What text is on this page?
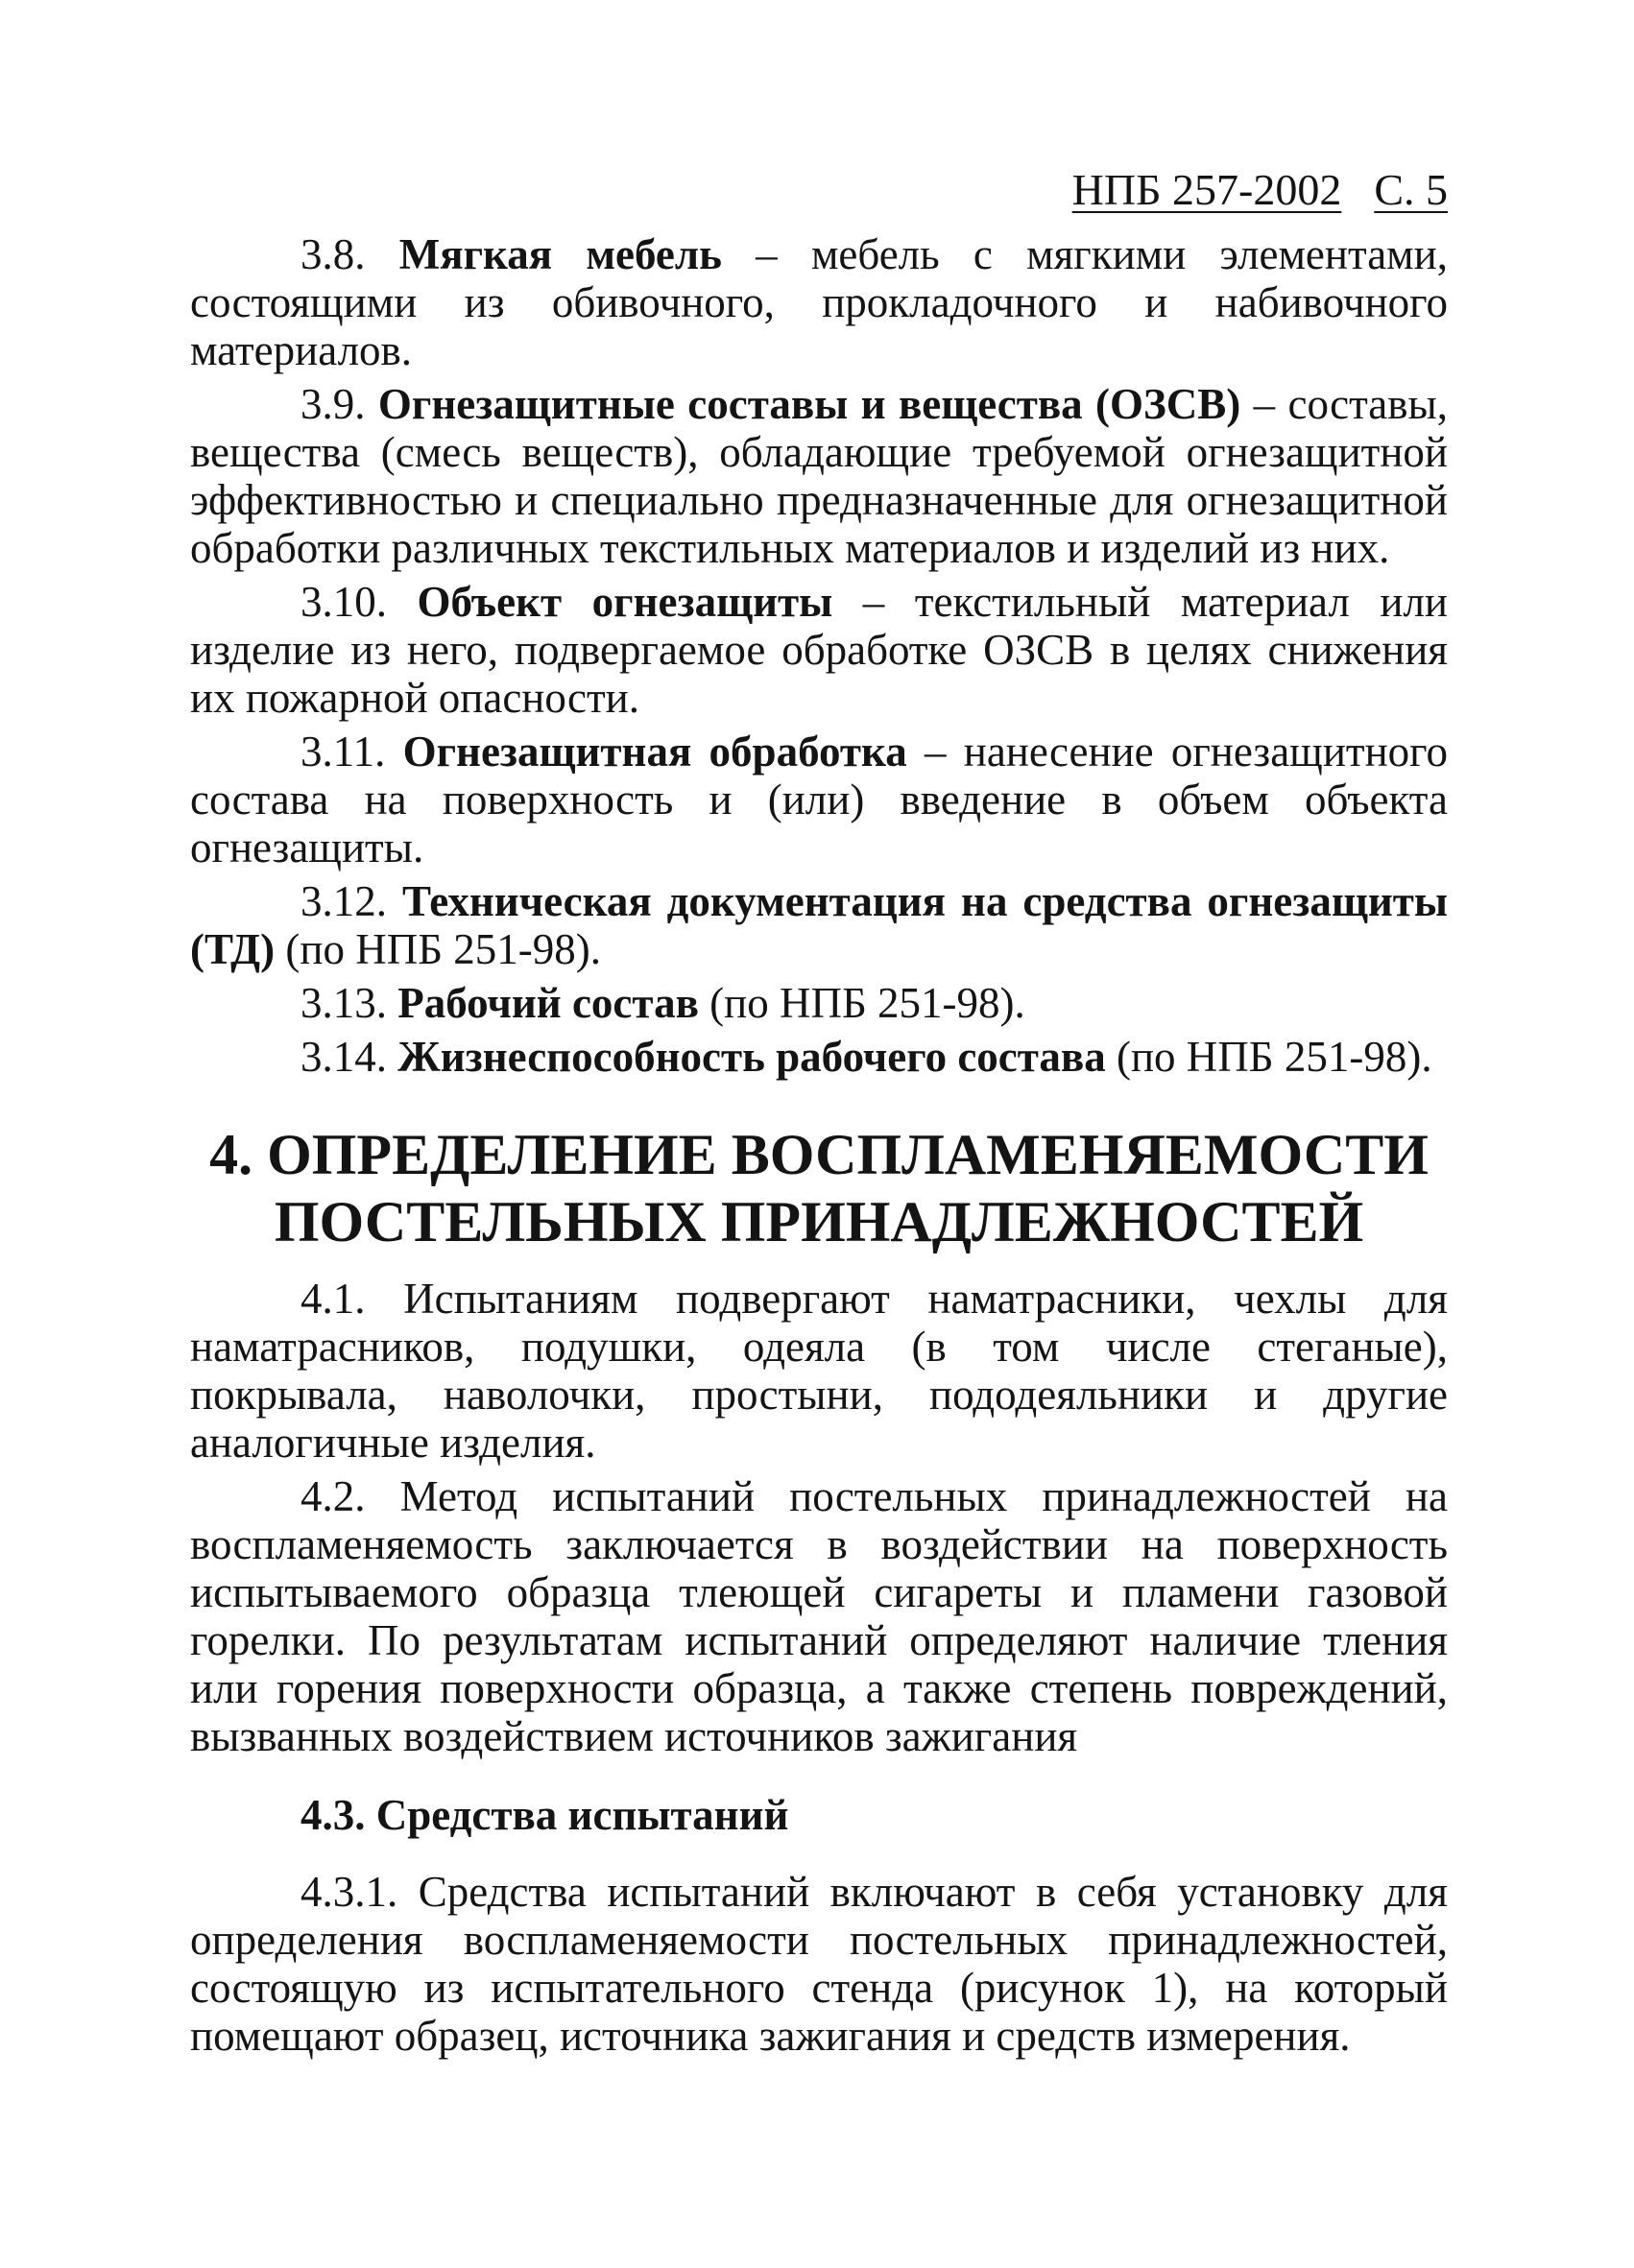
НПБ 257-2002 С. 5

3.8. Мягкая мебель – мебель с мягкими элементами, состоящими из обивочного, прокладочного и набивочного материалов.

3.9. Огнезащитные составы и вещества (ОЗСВ) – составы, вещества (смесь веществ), обладающие требуемой огнезащитной эффективностью и специально предназначенные для огнезащитной обработки различных текстильных материалов и изделий из них.

3.10. Объект огнезащиты – текстильный материал или изделие из него, подвергаемое обработке ОЗСВ в целях снижения их пожарной опасности.

3.11. Огнезащитная обработка – нанесение огнезащитного состава на поверхность и (или) введение в объем объекта огнезащиты.

3.12. Техническая документация на средства огнезащиты (ТД) (по НПБ 251-98).

3.13. Рабочий состав (по НПБ 251-98).

3.14. Жизнеспособность рабочего состава (по НПБ 251-98).

4. ОПРЕДЕЛЕНИЕ ВОСПЛАМЕНЯЕМОСТИ
ПОСТЕЛЬНЫХ ПРИНАДЛЕЖНОСТЕЙ

4.1. Испытаниям подвергают наматрасники, чехлы для наматрасников, подушки, одеяла (в том числе стеганые), покрывала, наволочки, простыни, пододеяльники и другие аналогичные изделия.

4.2. Метод испытаний постельных принадлежностей на воспламеняемость заключается в воздействии на поверхность испытываемого образца тлеющей сигареты и пламени газовой горелки. По результатам испытаний определяют наличие тления или горения поверхности образца, а также степень повреждений, вызванных воздействием источников зажигания

4.3. Средства испытаний

4.3.1. Средства испытаний включают в себя установку для определения воспламеняемости постельных принадлежностей, состоящую из испытательного стенда (рисунок 1), на который помещают образец, источника зажигания и средств измерения.
